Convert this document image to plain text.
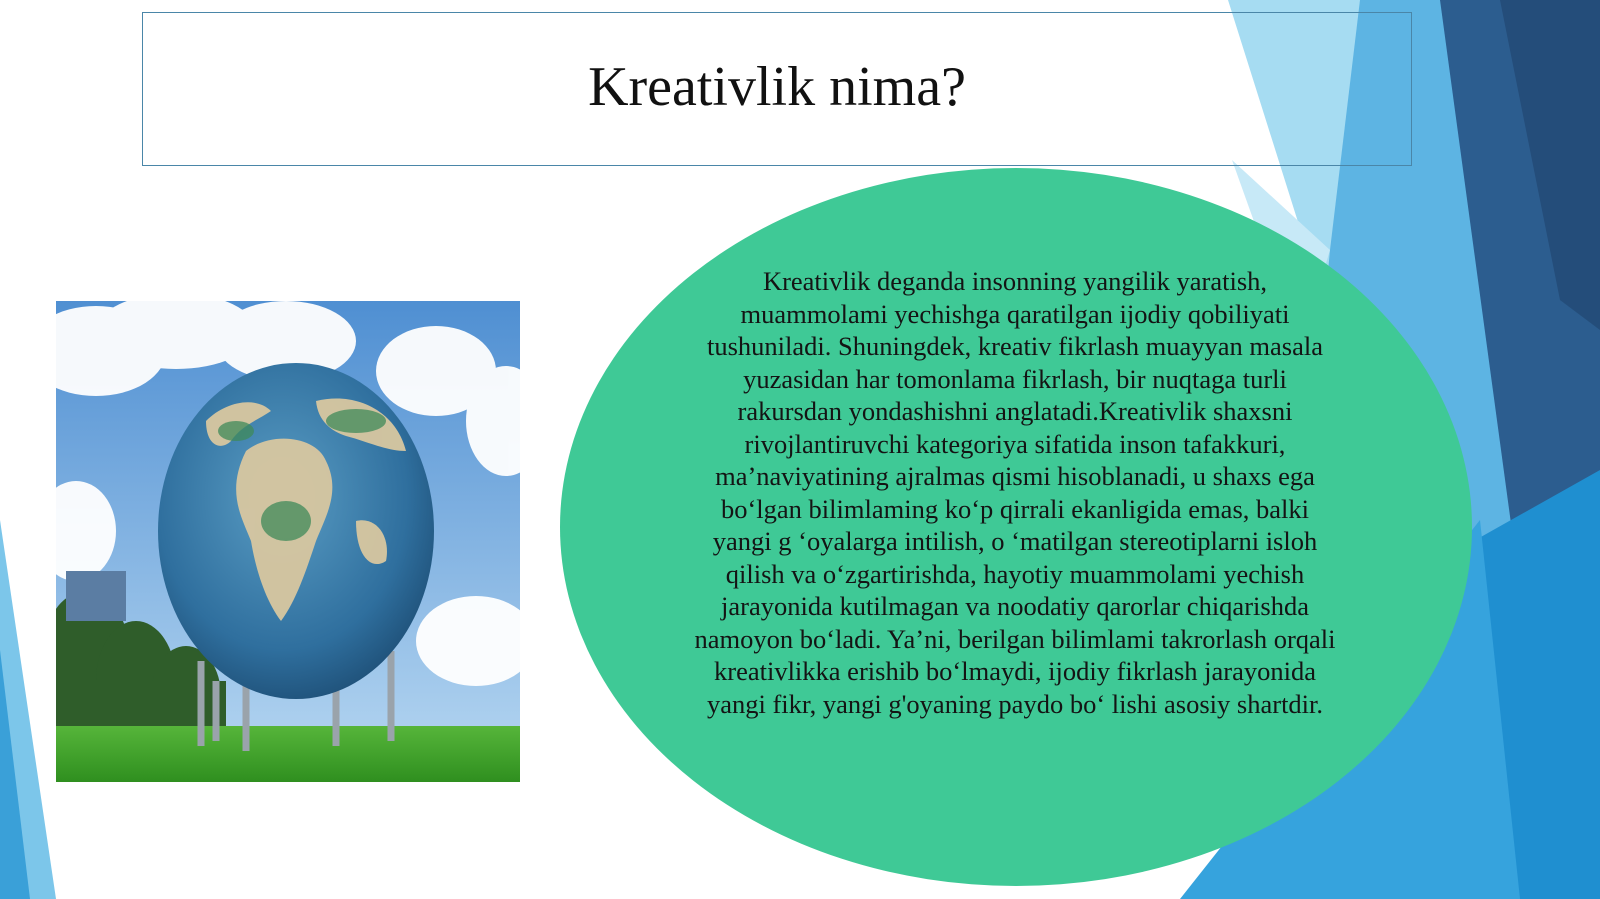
Kreativlik nima?

Kreativlik deganda insonning yangilik yaratish, muammolami yechishga qaratilgan ijodiy qobiliyati tushuniladi. Shuningdek, kreativ fikrlash muayyan masala yuzasidan har tomonlama fikrlash, bir nuqtaga turli rakursdan yondashishni anglatadi.Kreativlik shaxsni rivojlantiruvchi kategoriya sifatida inson tafakkuri, ma’naviyatining ajralmas qismi hisoblanadi, u shaxs ega bo‘lgan bilimlaming ko‘p qirrali ekanligida emas, balki yangi g ‘oyalarga intilish, o ‘matilgan stereotiplarni isloh qilish va o‘zgartirishda, hayotiy muammolami yechish jarayonida kutilmagan va noodatiy qarorlar chiqarishda namoyon bo‘ladi. Ya’ni, berilgan bilimlami takrorlash orqali kreativlikka erishib bo‘lmaydi, ijodiy fikrlash jarayonida yangi fikr, yangi g'oyaning paydo bo‘ lishi asosiy shartdir.
